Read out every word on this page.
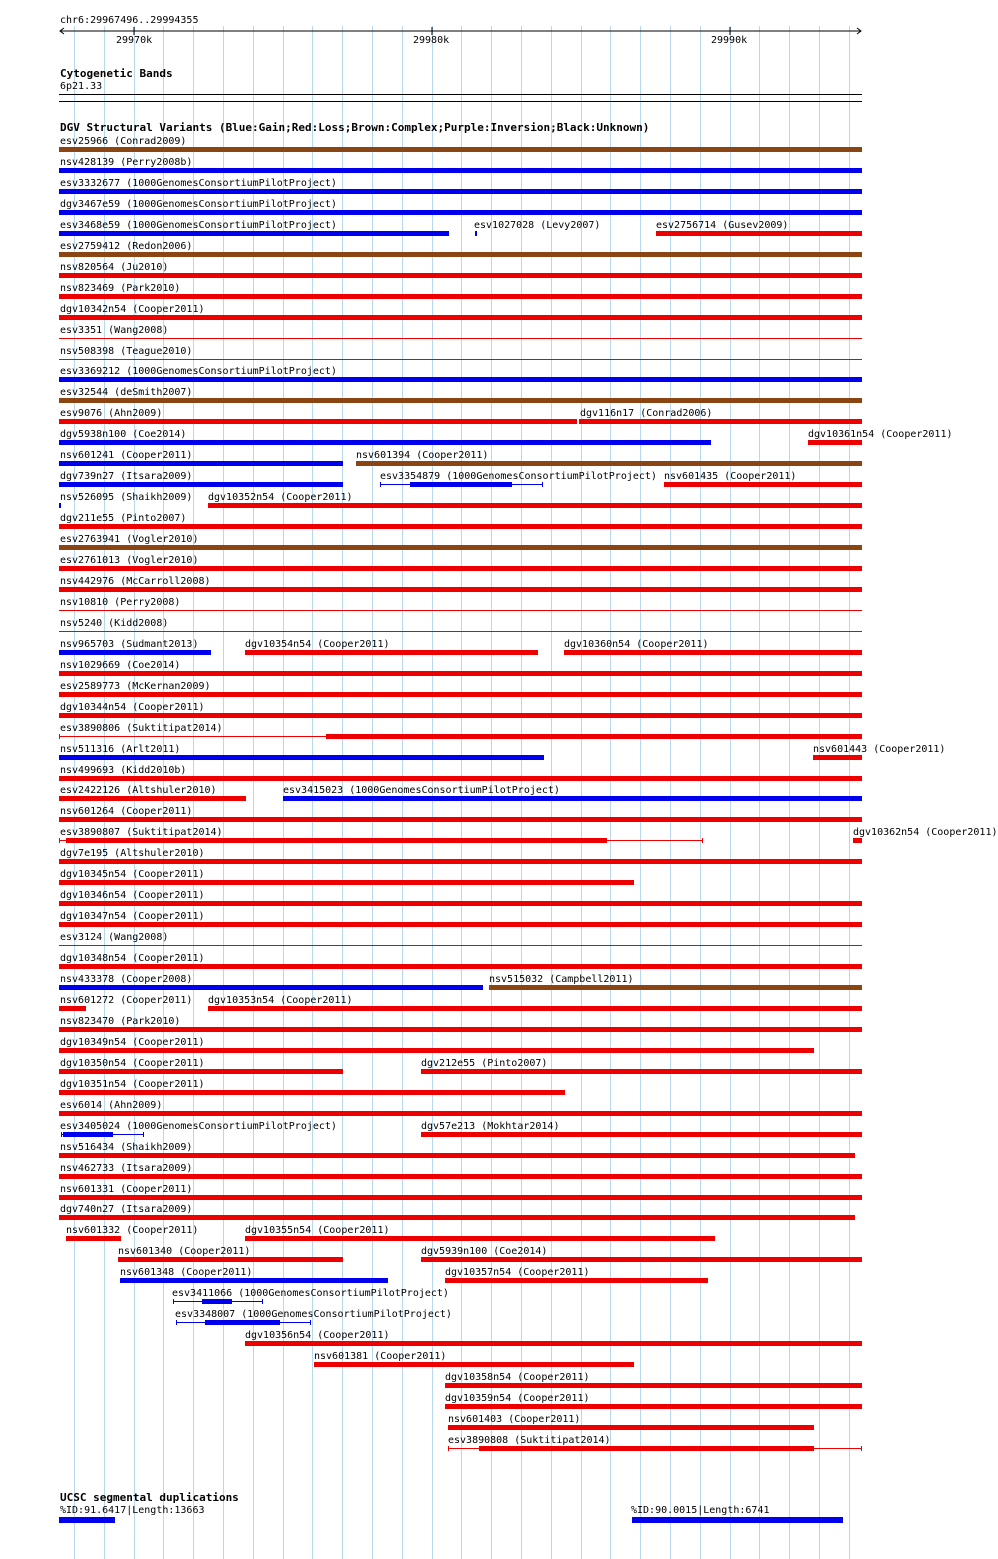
chr6:29967496..29994355
29970k	29980k	29990k
Cytogenetic Bands
6p21.33
DGV Structural Variants (Blue:Gain;Red:Loss;Brown:Complex;Purple:Inversion;Black:Unknown)
esv25966 (Conrad2009)
nsv428139 (Perry2008b)
esv3332677 (1000GenomesConsortiumPilotProject)
dgv3467e59 (1000GenomesConsortiumPilotProject)
esv3468e59 (1000GenomesConsortiumPilotProject)	esv1027028 (Levy2007)	esv2756714 (Gusev2009)
esv2759412 (Redon2006)
nsv820564 (Ju2010)
nsv823469 (Park2010)
dgv10342n54 (Cooper2011)
esv3351 (Wang2008)
nsv508398 (Teague2010)
esv3369212 (1000GenomesConsortiumPilotProject)
esv32544 (deSmith2007)
esv9076 (Ahn2009)	dgv116n17 (Conrad2006)
dgv5938n100 (Coe2014)	dgv10361n54 (Cooper2011)
nsv601241 (Cooper2011)	nsv601394 (Cooper2011)
dgv739n27 (Itsara2009)	esv3354879 (1000GenomesConsortiumPilotProject) nsv601435 (Cooper2011)
nsv526095 (Shaikh2009) dgv10352n54 (Cooper2011)
dgv211e55 (Pinto2007)
esv2763941 (Vogler2010)
esv2761013 (Vogler2010)
nsv442976 (McCarroll2008)
nsv10810 (Perry2008)
nsv5240 (Kidd2008)
nsv965703 (Sudmant2013)	dgv10354n54 (Cooper2011)	dgv10360n54 (Cooper2011)
nsv1029669 (Coe2014)
esv2589773 (McKernan2009)
dgv10344n54 (Cooper2011)
esv3890806 (Suktitipat2014)
nsv511316 (Arlt2011)	nsv601443 (Cooper2011)
nsv499693 (Kidd2010b)
esv2422126 (Altshuler2010)	esv3415023 (1000GenomesConsortiumPilotProject)
nsv601264 (Cooper2011)
esv3890807 (Suktitipat2014)	dgv10362n54 (Cooper2011)
dgv7e195 (Altshuler2010)
dgv10345n54 (Cooper2011)
dgv10346n54 (Cooper2011)
dgv10347n54 (Cooper2011)
esv3124 (Wang2008)
dgv10348n54 (Cooper2011)
nsv433378 (Cooper2008)	nsv515032 (Campbell2011)
nsv601272 (Cooper2011) dgv10353n54 (Cooper2011)
nsv823470 (Park2010)
dgv10349n54 (Cooper2011)
dgv10350n54 (Cooper2011)	dgv212e55 (Pinto2007)
dgv10351n54 (Cooper2011)
esv6014 (Ahn2009)
esv3405024 (1000GenomesConsortiumPilotProject)	dgv57e213 (Mokhtar2014)
nsv516434 (Shaikh2009)
nsv462733 (Itsara2009)
nsv601331 (Cooper2011)
dgv740n27 (Itsara2009)
nsv601332 (Cooper2011)	dgv10355n54 (Cooper2011)
nsv601340 (Cooper2011)	dgv5939n100 (Coe2014)
nsv601348 (Cooper2011)	dgv10357n54 (Cooper2011)
esv3411066 (1000GenomesConsortiumPilotProject)
esv3348007 (1000GenomesConsortiumPilotProject)
dgv10356n54 (Cooper2011)
nsv601381 (Cooper2011)
dgv10358n54 (Cooper2011)
dgv10359n54 (Cooper2011)
nsv601403 (Cooper2011)
esv3890808 (Suktitipat2014)
UCSC segmental duplications
%ID:91.6417|Length:13663	%ID:90.0015|Length:6741
